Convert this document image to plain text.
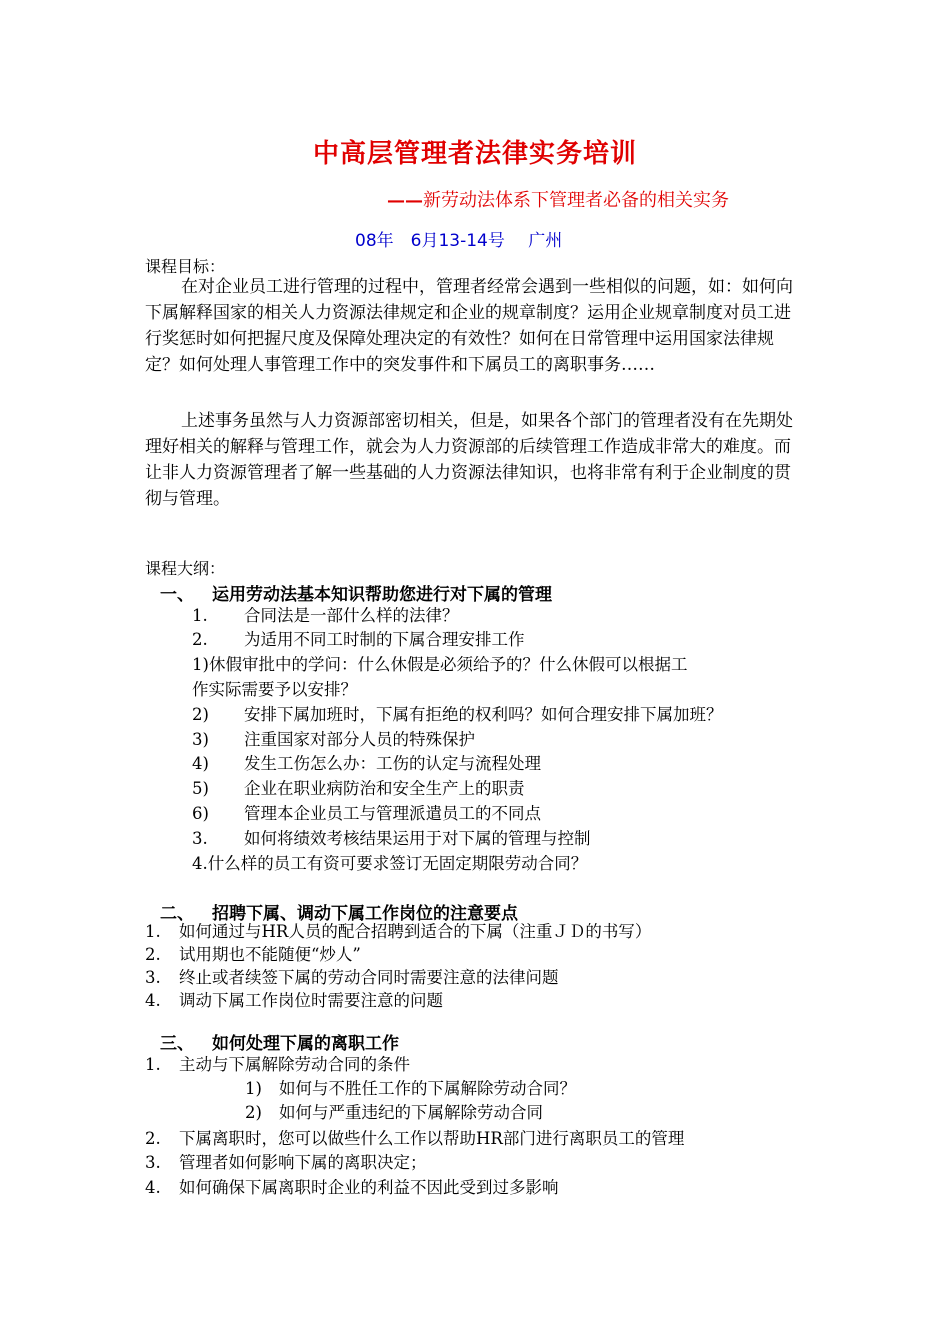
中高层管理者法律实务培训
——新劳动法体系下管理者必备的相关实务
08年　6月13-14号 广州
课程目标：
在对企业员工进行管理的过程中，管理者经常会遇到一些相似的问题，如：如何向下属解释国家的相关人力资源法律规定和企业的规章制度？运用企业规章制度对员工进行奖惩时如何把握尺度及保障处理决定的有效性？如何在日常管理中运用国家法律规定？如何处理人事管理工作中的突发事件和下属员工的离职事务……
上述事务虽然与人力资源部密切相关，但是，如果各个部门的管理者没有在先期处理好相关的解释与管理工作，就会为人力资源部的后续管理工作造成非常大的难度。而让非人力资源管理者了解一些基础的人力资源法律知识，也将非常有利于企业制度的贯彻与管理。
课程大纲：
一、 运用劳动法基本知识帮助您进行对下属的管理
1. 合同法是一部什么样的法律？
2. 为适用不同工时制的下属合理安排工作
1)休假审批中的学问：什么休假是必须给予的？什么休假可以根据工
作实际需要予以安排？
2) 安排下属加班时，下属有拒绝的权利吗？如何合理安排下属加班？
3) 注重国家对部分人员的特殊保护
4) 发生工伤怎么办：工伤的认定与流程处理
5) 企业在职业病防治和安全生产上的职责
6) 管理本企业员工与管理派遣员工的不同点
3. 如何将绩效考核结果运用于对下属的管理与控制
4.什么样的员工有资可要求签订无固定期限劳动合同？
二、 招聘下属、调动下属工作岗位的注意要点
1. 如何通过与HR人员的配合招聘到适合的下属（注重ＪＤ的书写）
2. 试用期也不能随便“炒人”
3. 终止或者续签下属的劳动合同时需要注意的法律问题
4. 调动下属工作岗位时需要注意的问题
三、 如何处理下属的离职工作
1. 主动与下属解除劳动合同的条件
1) 如何与不胜任工作的下属解除劳动合同？
2) 如何与严重违纪的下属解除劳动合同
2. 下属离职时，您可以做些什么工作以帮助HR部门进行离职员工的管理
3. 管理者如何影响下属的离职决定；
4. 如何确保下属离职时企业的利益不因此受到过多影响
